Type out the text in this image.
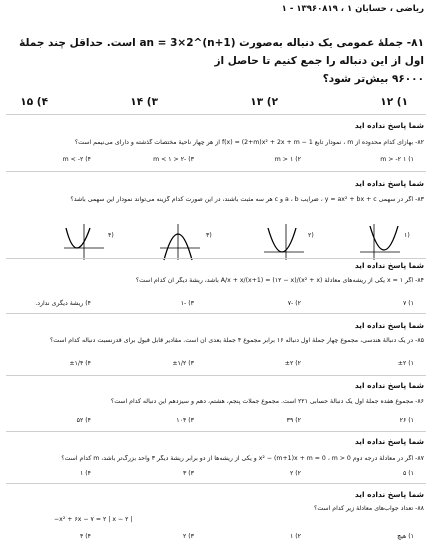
ریاضی ، حسابان ۱ ، ۱۳۹۶۰۸۱۹ - ۱
۸۱- جملهٔ عمومی یک دنباله به‌صورت an = 3×2^(n+1) است. حداقل چند جملهٔ اول از این دنباله را جمع کنیم تا حاصل از
۹۶۰۰۰ بیش‌تر شود؟
۱) ۱۲
۲) ۱۳
۳) ۱۴
۴) ۱۵
شما پاسخ نداده اید
۸۲- بهازای کدام محدوده از m ، نمودار تابع f(x) = (2+m)x² + 2x + m − 1 از هر چهار ناحیهٔ مختصات گذشته و دارای می‌نیمم است؟
۱) m > -۲ ۱
۲) m > ۱
۳) -۲ < m < ۱
۴) m < -۲
شما پاسخ نداده اید
۸۳- اگر در سهمی y = ax² + bx + c ، ضرایب a ، b و c هر سه مثبت باشند، در این صورت کدام گزینه می‌تواند نمودار این سهمی باشد؟
(۴	(۳	(۲	(۱
شما پاسخ نداده اید
۸۴- اگر x = ۱ یکی از ریشه‌های معادلهٔ A/x + x/(x+1) = (۱۲ − x)/(x² + x) باشد، ریشهٔ دیگر آن کدام است؟
۱) ۷
۲) -۷
۳) -۱
۴) ریشهٔ دیگری ندارد.
شما پاسخ نداده اید
۸۵- در یک دنبالهٔ هندسی، مجموع چهار جملهٔ اول دنباله ۱۶ برابر مجموع ۴ جملهٔ بعدی آن است. مقادیر قابل قبول برای قدرنسبت دنباله کدام است؟
۱) ±۲
۲) ±۲
۳) ±۱/۲
۴) ±۱/۴
شما پاسخ نداده اید
۸۶- مجموع هفده جملهٔ اول یک دنبالهٔ حسابی ۲۲۱ است. مجموع جملات پنجم، هشتم، دهم و سیزدهم این دنباله کدام است؟
۱) ۲۶
۲) ۳۹
۳) ۱۰۴
۴) ۵۲
شما پاسخ نداده اید
۸۷- اگر در معادلهٔ درجه دوم x² − (m+1)x + m = 0 ، m > 0 و یکی از ریشه‌ها از دو برابر ریشهٔ دیگر ۳ واحد بزرگ‌تر باشد، m کدام است؟
۱) ۵
۲) ۲
۳) ۳
۴) ۱
شما پاسخ نداده اید
۸۸- تعداد جواب‌های معادلهٔ زیر کدام است؟
−x² + ۶x − ۷ = ۲ | x − ۲ |
۱) هیچ
۲) ۱
۳) ۲
۴) ۴
